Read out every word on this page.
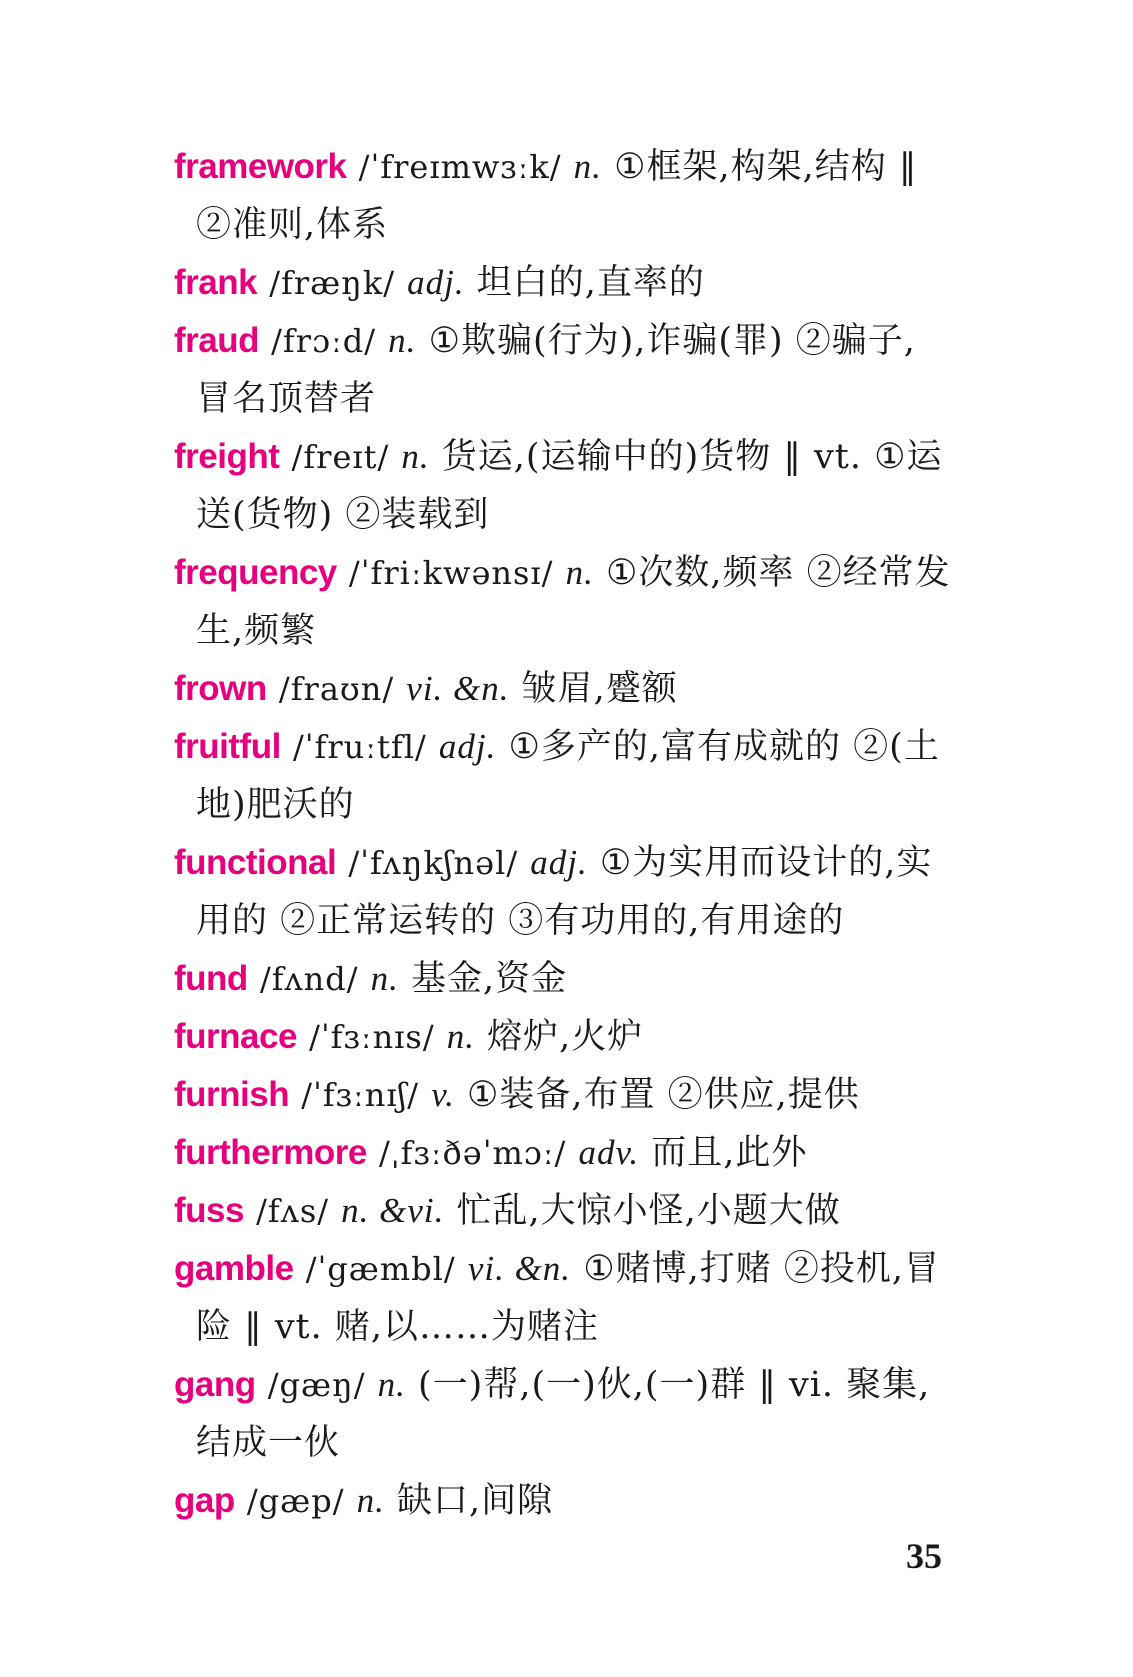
framework /ˈfreɪmwɜːk/ n. ①框架,构架,结构 ‖
②准则,体系
frank /fræŋk/ adj. 坦白的,直率的
fraud /frɔːd/ n. ①欺骗(行为),诈骗(罪) ②骗子,
冒名顶替者
freight /freɪt/ n. 货运,(运输中的)货物 ‖ vt. ①运
送(货物) ②装载到
frequency /ˈfriːkwənsɪ/ n. ①次数,频率 ②经常发
生,频繁
frown /fraʊn/ vi. &n. 皱眉,蹙额
fruitful /ˈfruːtfl/ adj. ①多产的,富有成就的 ②(土
地)肥沃的
functional /ˈfʌŋkʃnəl/ adj. ①为实用而设计的,实
用的 ②正常运转的 ③有功用的,有用途的
fund /fʌnd/ n. 基金,资金
furnace /ˈfɜːnɪs/ n. 熔炉,火炉
furnish /ˈfɜːnɪʃ/ v. ①装备,布置 ②供应,提供
furthermore /ˌfɜːðəˈmɔː/ adv. 而且,此外
fuss /fʌs/ n. &vi. 忙乱,大惊小怪,小题大做
gamble /ˈgæmbl/ vi. &n. ①赌博,打赌 ②投机,冒
险 ‖ vt. 赌,以……为赌注
gang /gæŋ/ n. (一)帮,(一)伙,(一)群 ‖ vi. 聚集,
结成一伙
gap /gæp/ n. 缺口,间隙
35
